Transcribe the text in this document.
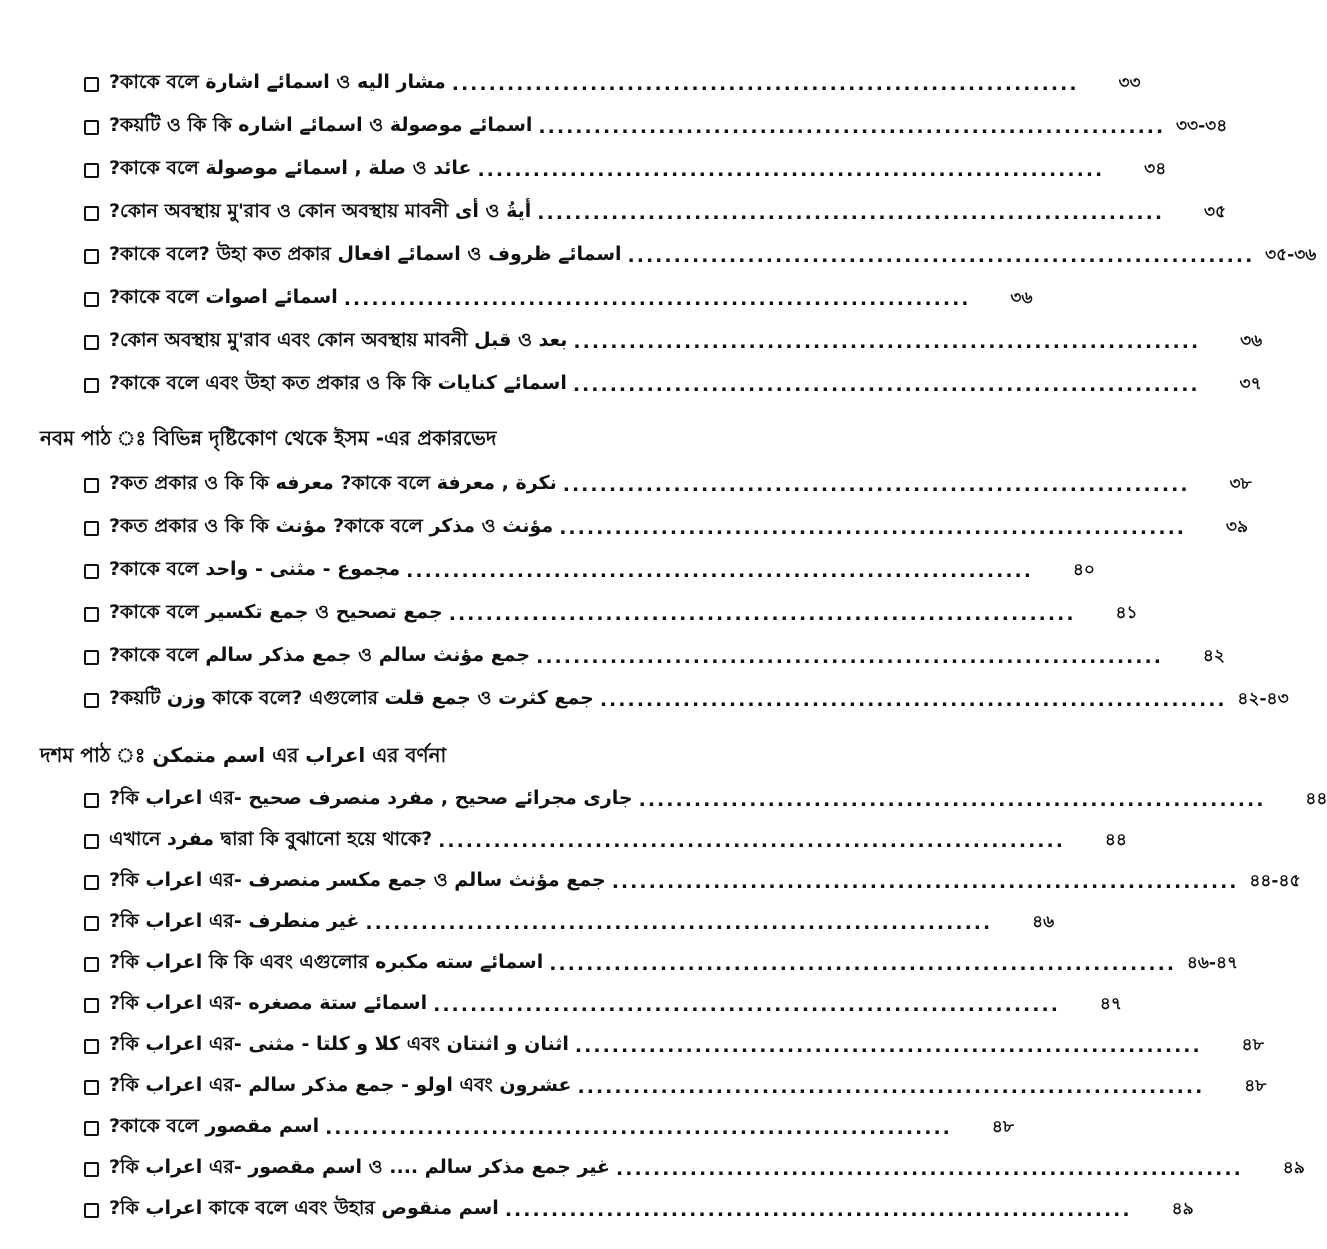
مشار اليه ও اسمائے اشارة কাকে বলে? ....................................................................	৩৩
اسمائے موصولة ও اسمائے اشاره কয়টি ও কি কি? .................................................................... ৩৩-৩৪
عائد ও صلة , اسمائے موصولة কাকে বলে? ....................................................................	৩৪
أيةُ ও أى কোন অবস্থায় মু'রাব ও কোন অবস্থায় মাবনী? ....................................................................	৩৫
اسمائے ظروف ও اسمائے افعال কাকে বলে? উহা কত প্রকার? .................................................................... ৩৫-৩৬
اسمائے اصوات কাকে বলে? ....................................................................	৩৬
بعد ও قبل কোন অবস্থায় মু'রাব এবং কোন অবস্থায় মাবনী? ....................................................................	৩৬
اسمائے كنايات কাকে বলে এবং উহা কত প্রকার ও কি কি? ....................................................................	৩৭
নবম পাঠ ঃ বিভিন্ন দৃষ্টিকোণ থেকে ইসম -এর প্রকারভেদ
نكرة , معرفة কাকে বলে? معرفه কত প্রকার ও কি কি? ....................................................................	৩৮
مؤنث ও مذكر কাকে বলে? مؤنث কত প্রকার ও কি কি? ....................................................................	৩৯
مجموع - مثنى - واحد কাকে বলে? ....................................................................	৪০
جمع تصحيح ও جمع تكسير কাকে বলে? ....................................................................	৪১
جمع مؤنث سالم ও جمع مذكر سالم কাকে বলে? ....................................................................	৪২
جمع كثرت ও جمع قلت কাকে বলে? এগুলোর وزن কয়টি? .................................................................... ৪২-৪৩
দশম পাঠ ঃ اسم متمكن এর اعراب এর বর্ণনা
جارى مجرائے صحيح , مفرد منصرف صحيح -এর اعراب কি? ....................................................................	৪৪
এখানে مفرد দ্বারা কি বুঝানো হয়ে থাকে? ....................................................................	৪৪
جمع مؤنث سالم ও جمع مكسر منصرف -এর اعراب কি? .................................................................... ৪৪-৪৫
غير منطرف -এর اعراب কি? ....................................................................	৪৬
اسمائے سته مكبره কি কি এবং এগুলোর اعراب কি? .................................................................... ৪৬-৪৭
اسمائے ستة مصغره -এর اعراب কি? ....................................................................	৪৭
اثنان و اثنتان এবং كلا و كلتا - مثنى -এর اعراب কি? ....................................................................	৪৮
عشرون এবং اولو - جمع مذكر سالم -এর اعراب কি? ....................................................................	৪৮
اسم مقصور কাকে বলে? ....................................................................	৪৮
غير جمع مذكر سالم .... ও اسم مقصور -এর اعراب কি? ....................................................................	৪৯
اسم منقوص কাকে বলে এবং উহার اعراب কি? ....................................................................	৪৯
